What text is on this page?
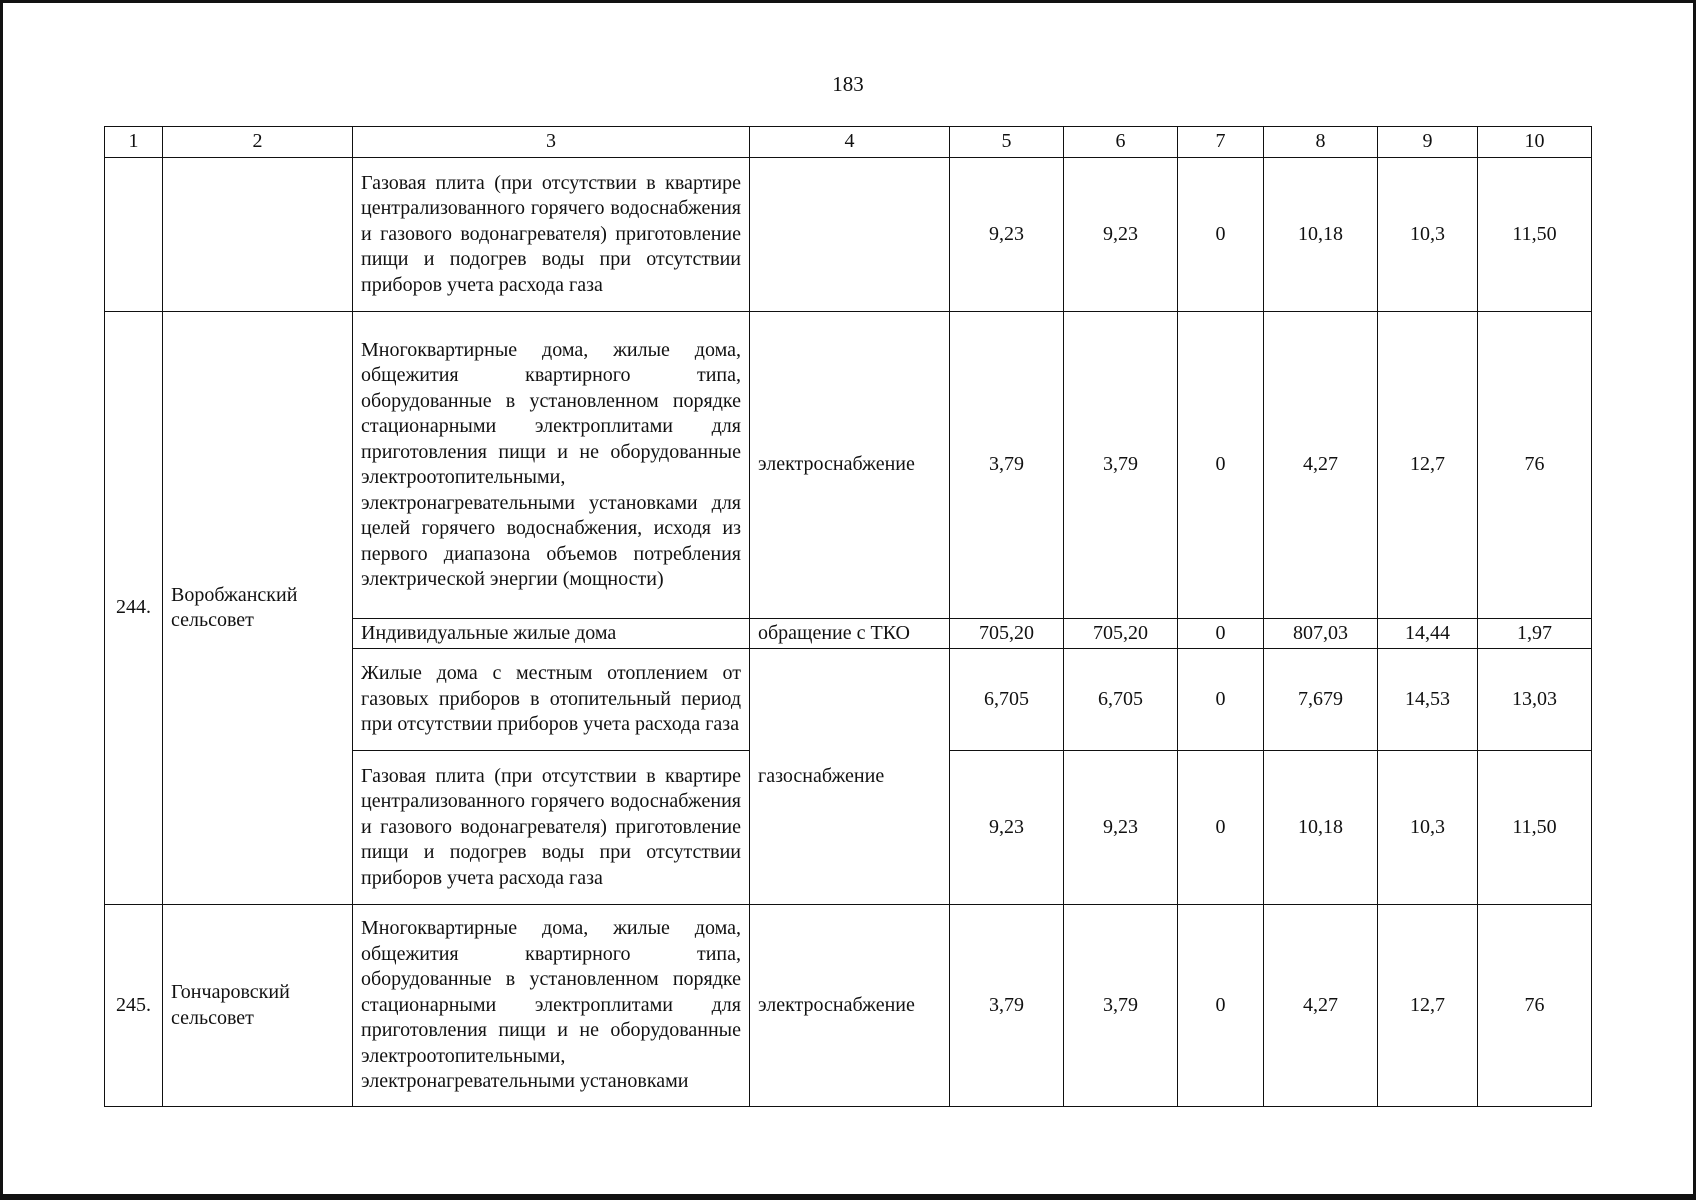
183
1	2	3	4	5	6	7	8	9	10
		Газовая плита (при отсутствии в квартире централизованного горячего водоснабжения и газового водонагревателя) приготовление пищи и подогрев воды при отсутствии приборов учета расхода газа		9,23	9,23	0	10,18	10,3	11,50
244.	Воробжанский сельсовет	Многоквартирные дома, жилые дома, общежития квартирного типа, оборудованные в установленном порядке стационарными электроплитами для приготовления пищи и не оборудованные электроотопительными, электронагревательными установками для целей горячего водоснабжения, исходя из первого диапазона объемов потребления электрической энергии (мощности)	электроснабжение	3,79	3,79	0	4,27	12,7	76
		Индивидуальные жилые дома	обращение с ТКО	705,20	705,20	0	807,03	14,44	1,97
		Жилые дома с местным отоплением от газовых приборов в отопительный период при отсутствии приборов учета расхода газа	газоснабжение	6,705	6,705	0	7,679	14,53	13,03
		Газовая плита (при отсутствии в квартире централизованного горячего водоснабжения и газового водонагревателя) приготовление пищи и подогрев воды при отсутствии приборов учета расхода газа		9,23	9,23	0	10,18	10,3	11,50
245.	Гончаровский сельсовет	Многоквартирные дома, жилые дома, общежития квартирного типа, оборудованные в установленном порядке стационарными электроплитами для приготовления пищи и не оборудованные электроотопительными, электронагревательными установками	электроснабжение	3,79	3,79	0	4,27	12,7	76
